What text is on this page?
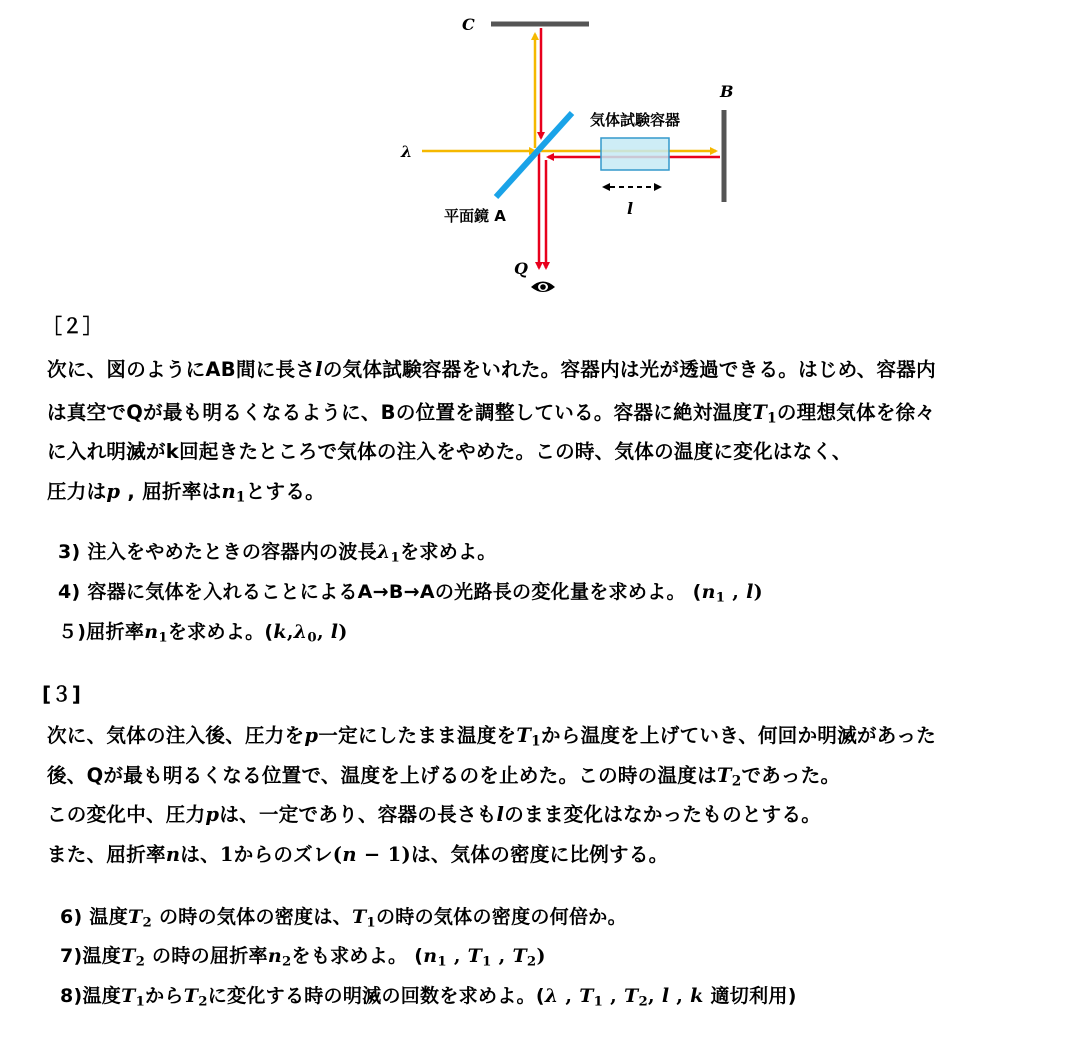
C
B
λ
気体試験容器
平面鏡 A	l
Q
［２］
次に、図のようにAB間に長さlの気体試験容器をいれた。容器内は光が透過できる。はじめ、容器内
は真空でQが最も明るくなるように、Bの位置を調整している。容器に絶対温度$T_1$の理想気体を徐々
に入れ明滅がk回起きたところで気体の注入をやめた。この時、気体の温度に変化はなく、
圧力はp , 屈折率は$n_1$とする。
3) 注入をやめたときの容器内の波長$\lambda_1$を求めよ。
4) 容器に気体を入れることによるA→B→Aの光路長の変化量を求めよ。 ($n_1$ , l)
５)屈折率$n_1$を求めよ。($k,\lambda_0$, l)
[３]
次に、気体の注入後、圧力をp一定にしたまま温度を$T_1$から温度を上げていき、何回か明滅があった
後、Qが最も明るくなる位置で、温度を上げるのを止めた。この時の温度は$T_2$であった。
この変化中、圧力pは、一定であり、容器の長さもlのまま変化はなかったものとする。
また、屈折率nは、1からのズレ(n − 1)は、気体の密度に比例する。
6) 温度$T_2$ の時の気体の密度は、$T_1$の時の気体の密度の何倍か。
7)温度$T_2$ の時の屈折率$n_2$をも求めよ。 ($n_1$ , $T_1$ , $T_2$)
8)温度$T_1$から$T_2$に変化する時の明滅の回数を求めよ。(λ , $T_1$ , $T_2$, l , k 適切利用)
